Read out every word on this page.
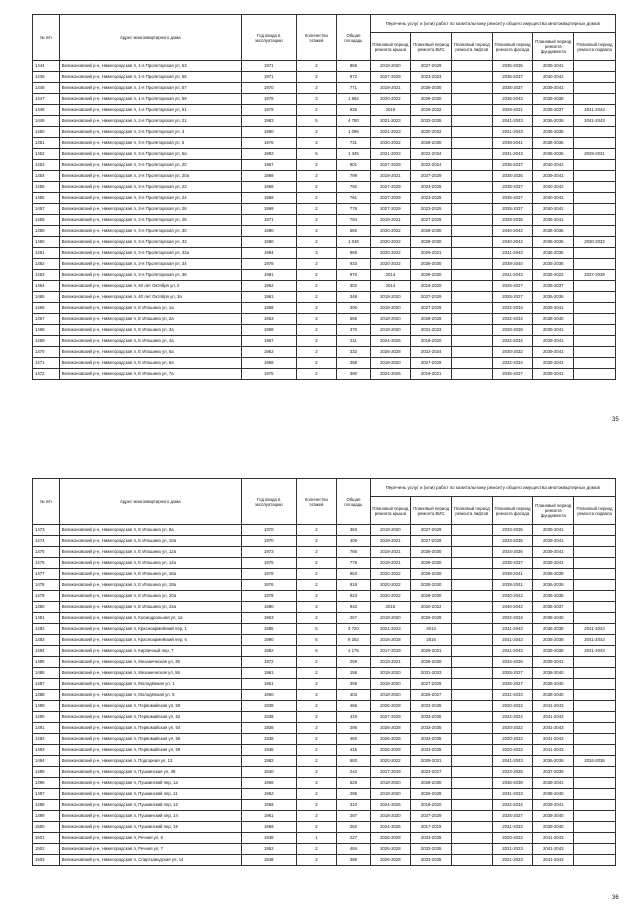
№ п/п	Адрес многоквартирного дома	Год ввода в эксплуатацию	Количество этажей	Общая площадь	Перечень услуг и (или) работ по капитальному ремонту общего имущества многоквартирных домов					
					Плановый период ремонта крыши	Плановый период ремонта ВИС	Плановый период ремонта лифтов	Плановый период ремонта фасада	Плановый период ремонта фундамента	Плановый период ремонта подвала
1444	Великоновский р-н, Нижегородская п, 1-я Пролетарская ул, 53	1971	2	865	2019-2020	2027-2029		2035-2035	2039-2041	
1445	Великоновский р-н, Нижегородская п, 1-я Пролетарская ул, 55	1971	2	872	2027-2029	2023-2023		2035-2037	2040-2042	
1446	Великоновский р-н, Нижегородская п, 1-я Пролетарская ул, 57	1970	2	771	2019-2021	2028-2030		2035-2037	2039-2041	
1447	Великоновский р-н, Нижегородская п, 1-я Пролетарская ул, 59	1978	3	1 862	2020-2022	2028-2030		2036-2043	2036-2038	
1448	Великоновский р-н, Нижегородская п, 1-я Пролетарская ул, 61	1979	2	826	2019	2029-2032		2029-2031	2035-2037	2041-2043
1449	Великоновский р-н, Нижегородская п, 2-я Пролетарская ул, 21	1983	5	4 780	2021-2023	2033-2035		2041-2043	2036-2038	2041-2043
1450	Великоновский р-н, Нижегородская п, 3-я Пролетарская ул, 3	1980	2	1 096	2021-2023	2030-2032		2041-2043	2036-2038	
1451	Великоновский р-н, Нижегородская п, 3-я Пролетарская ул, 5	1976	2	731	2020-2022	2028-2030		2039-2041	2036-2036	
1452	Великоновский р-н, Нижегородская п, 3-я Пролетарская ул, 5а	1992	5	1 345	2021-2023	2022-2034		2041-2043	2036-2036	2029-2031
1453	Великоновский р-н, Нижегородская п, 3-я Пролетарская ул, 20	1967	2	801	2027-2029	2022-2024		2035-2037	2040-2042	
1454	Великоновский р-н, Нижегородская п, 3-я Пролетарская ул, 20а	1969	2	799	2019-2021	2027-2029		2035-2035	2039-2041	
1455	Великоновский р-н, Нижегородская п, 3-я Пролетарская ул, 22	1968	2	792	2027-2029	2023-2025		2035-2037	2040-2042	
1456	Великоновский р-н, Нижегородская п, 3-я Пролетарская ул, 24	1969	2	761	2027-2029	2023-2025		2035-2037	2040-2042	
1457	Великоновский р-н, Нижегородская п, 3-я Пролетарская ул, 26	1969	2	778	2027-2029	2023-2025		2035-2037	2040-2042	
1458	Великоновский р-н, Нижегородская п, 3-я Пролетарская ул, 28	1971	2	784	2019-2021	2027-2029		2029-2035	2036-2041	
1459	Великоновский р-н, Нижегородская п, 3-я Пролетарская ул, 30	1980	2	560	2020-2022	2028-2030		2040-2042	2036-2036	
1460	Великоновский р-н, Нижегородская п, 3-я Пролетарская ул, 32	1980	2	1 048	2020-2022	2028-2030		2040-2042	2036-2036	2030-2032
1461	Великоновский р-н, Нижегородская п, 3-я Пролетарская ул, 32а	1984	3	868	2020-2022	2029-2031		2041-2043	2036-2036	
1462	Великоновский р-н, Нижегородская п, 3-я Пролетарская ул, 34	1978	2	933	2020-2022	2028-2030		2039-2040	2035-2036	
1463	Великоновский р-н, Нижегородская п, 3-я Пролетарская ул, 36	1981	2	970	2014	2028-2030		2041-2043	2035-2022	2037-2039
1464	Великоновский р-н, Нижегородская п, 40 лет Октября ул, 2	1962	2	302	2014	2018-2020		2025-2027	2035-2037	
1465	Великоновский р-н, Нижегородская п, 40 лет Октября ул, 3а	1961	2	348	2018-2020	2027-2029		2025-2027	2035-2036	
1466	Великоновский р-н, Нижегородская п, Е Ипошина ул, 1а	1968	2	306	2018-2020	2027-2029		2032-2034	2039-2041	
1467	Великоновский р-н, Нижегородская п, Е Ипошина ул, 2а	1963	2	555	2018-2020	2028-2028		2032-2034	2038-2040	
1468	Великоновский р-н, Нижегородская п, Е Ипошина ул, 3а	1958	2	370	2018-2020	2031-2033		2028-2028	2039-2041	
1469	Великоновский р-н, Нижегородская п, Е Ипошина ул, 4а	1967	2	211	2024-2026	2018-2020		2032-2034	2039-2041	
1470	Великоновский р-н, Нижегородская п, Е Ипошина ул, 5а	1962	2	332	2026-2028	2022-2024		2030-2032	2039-2041	
1471	Великоновский р-н, Нижегородская п, Е Ипошина ул, 6а	1958	2	358	2018-2020	2027-2029		2032-2034	2039-2041	
1472	Великоновский р-н, Нижегородская п, Е Ипошина ул, 7а	1975	2	380	2024-2026	2019-2021		2035-2037	2039-2041	
35
№ п/п	Адрес многоквартирного дома	Год ввода в эксплуатацию	Количество этажей	Общая площадь	Перечень услуг и (или) работ по капитальному ремонту общего имущества многоквартирных домов					
					Плановый период ремонта крыши	Плановый период ремонта ВИС	Плановый период ремонта лифтов	Плановый период ремонта фасада	Плановый период ремонта фундамента	Плановый период ремонта подвала
1473	Великоновский р-н, Нижегородская п, Е Ипошина ул, 8а	1970	2	363	2018-2020	2027-2029		2033-2035	2039-2041	
1474	Великоновский р-н, Нижегородская п, Е Ипошина ул, 10а	1970	2	406	2019-2021	2027-2029		2033-2035	2039-2041	
1475	Великоновский р-н, Нижегородская п, Е Ипошина ул, 12а	1973	2	766	2019-2021	2028-2030		2034-2036	2039-2041	
1476	Великоновский р-н, Нижегородская п, Е Ипошина ул, 14а	1975	2	776	2019-2021	2028-2030		2035-2037	2039-2041	
1477	Великоновский р-н, Нижегородская п, Е Ипошина ул, 16а	1978	2	853	2020-2022	2028-2030		2039-2041	2036-2038	
1478	Великоновский р-н, Нижегородская п, Е Ипошина ул, 18а	1976	2	918	2020-2022	2028-2030		2039-2041	2036-2038	
1479	Великоновский р-н, Нижегородская п, Е Ипошина ул, 20а	1978	2	923	2020-2022	2028-2030		2040-2042	2036-2038	
1480	Великоновский р-н, Нижегородская п, Е Ипошина ул, 22а	1980	2	942	2015	2020-2022		2040-2042	2035-2037	
1481	Великоновский р-н, Нижегородская п, Космодрольная ул, 1а	1963	2	267	2018-2020	2026-2028		2032-2034	2038-2040	
1482	Великоновский р-н, Нижегородская п, Красноармейский пер, 1	1985	5	3 720	2021-2023	2014		2041-2043	2036-2038	2041-2043
1483	Великоновский р-н, Нижегородская п, Красноармейский пер, 6	1990	5	9 262	2016-2018	2016		2041-2043	2036-2038	2041-2043
1484	Великоновский р-н, Нижегородская п, Кирпичный пер, 7	1982	5	4 175	2017-2019	2029-2031		2041-2043	2036-2038	2041-2043
1485	Великоновский р-н, Нижегородская п, Механическая ул, 35	1972	2	259	2019-2021	2028-2030		2034-2036	2039-2041	
1486	Великоновский р-н, Нижегородская п, Механическая ул, 56	1961	2	158	2018-2020	2031-2033		2025-2027	2038-2040	
1487	Великоновский р-н, Нижегородская п, Молодёжная ул, 1	1961	2	398	2018-2020	2027-2029		2025-2027	2038-2040	
1488	Великоновский р-н, Нижегородская п, Молодёжная ул, 5	1960	2	403	2018-2020	2025-2027		2031-2033	2038-2040	
1489	Великоновский р-н, Нижегородская п, Первомайская ул, 50	1938	2	466	2026-2028	2033-2035		2020-2022	2041-2043	
1490	Великоновский р-н, Нижегородская п, Первомайская ул, 52	1938	2	419	2027-2029	2033-2035		2022-2024	2041-2043	
1491	Великоновский р-н, Нижегородская п, Первомайская ул, 54	1938	2	295	2026-2028	2033-2035		2020-2022	2041-2043	
1492	Великоновский р-н, Нижегородская п, Первомайская ул, 56	1938	2	460	2026-2028	2033-2035		2020-2022	2041-2043	
1493	Великоновский р-н, Нижегородская п, Первомайская ул, 59	1936	2	415	2026-2028	2033-2035		2020-2022	2041-2043	
1494	Великоновский р-н, Нижегородская п, Подгорная ул, 13	1982	2	583	2020-2022	2029-2031		2041-2043	2036-2038	2034-2036
1495	Великоновский р-н, Нижегородская п, Пушкинская ул, 48	1940	2	242	2017-2019	2023-2027		2023-2025	2037-2039	
1496	Великоновский р-н, Нижегородская п, Пушкинский пер, 1а	1968	2	529	2018-2020	2028-2030		2036-2038	2039-2041	
1497	Великоновский р-н, Нижегородская п, Пушкинский пер, 11	1962	2	285	2018-2020	2026-2028		2031-2033	2038-2040	
1498	Великоновский р-н, Нижегородская п, Пушкинский пер, 12	1969	2	310	2024-2026	2018-2020		2032-2034	2039-2041	
1499	Великоновский р-н, Нижегородская п, Пушкинский пер, 14	1961	2	287	2018-2020	2027-2029		2025-2027	2038-2040	
1500	Великоновский р-н, Нижегородская п, Пушкинский пер, 15	1969	2	282	2024-2026	2017-2019		2031-2033	2038-2040	
1501	Великоновский р-н, Нижегородская п, Речная ул, 6	1938	1	227	2026-2028	2033-2035		2020-2022	2041-2043	
1502	Великоновский р-н, Нижегородская п, Речная ул, 7	1952	2	484	2026-2028	2033-2035		2021-2023	2041-2043	
1503	Великоновский р-н, Нижегородская п, Спиртзаводская ул, 14	1948	2	389	2026-2028	2033-2035		2021-2023	2041-2043	
36
